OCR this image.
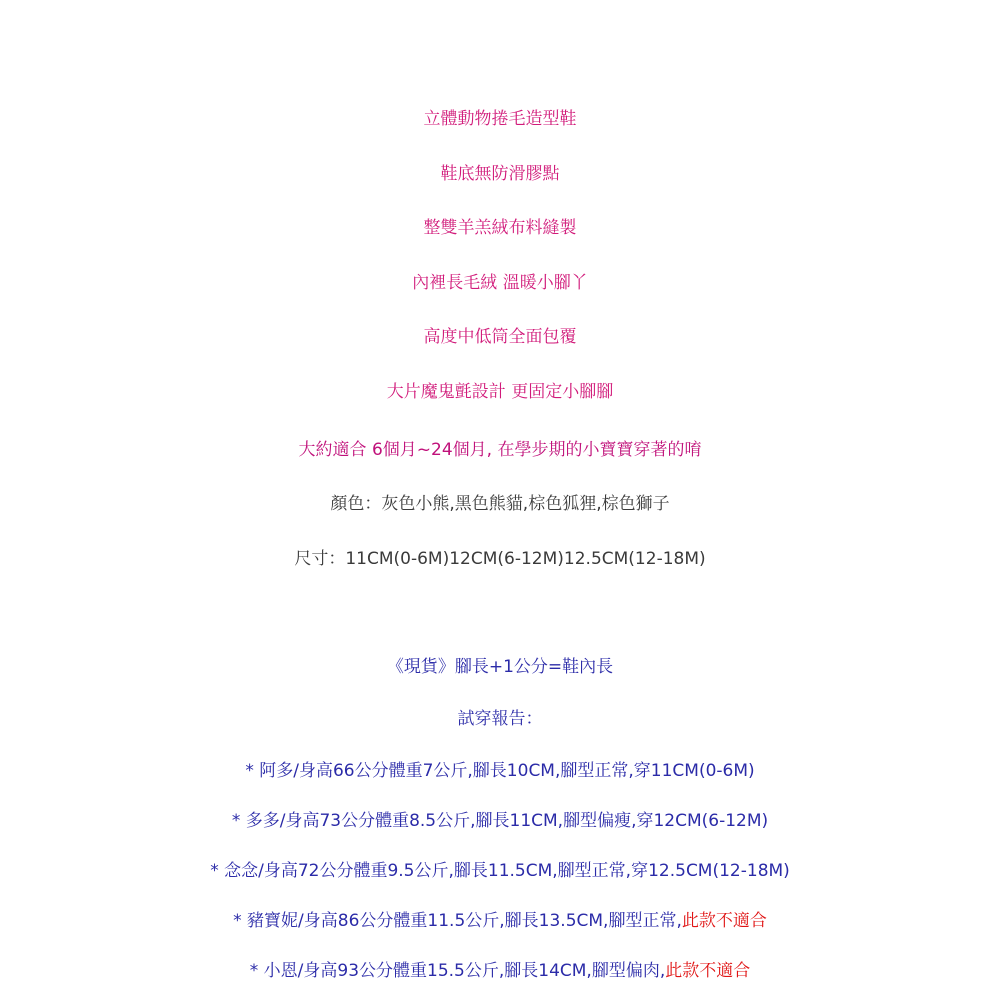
立體動物捲毛造型鞋
鞋底無防滑膠點
整雙羊羔絨布料縫製
內裡長毛絨 溫暖小腳丫
高度中低筒全面包覆
大片魔鬼氈設計 更固定小腳腳
大約適合 6個月~24個月, 在學步期的小寶寶穿著的唷
顏色：灰色小熊,黑色熊貓,棕色狐狸,棕色獅子
尺寸：11CM(0-6M)12CM(6-12M)12.5CM(12-18M)
《現貨》腳長+1公分=鞋內長
試穿報告：
* 阿多/身高66公分體重7公斤,腳長10CM,腳型正常,穿11CM(0-6M)
* 多多/身高73公分體重8.5公斤,腳長11CM,腳型偏瘦,穿12CM(6-12M)
* 念念/身高72公分體重9.5公斤,腳長11.5CM,腳型正常,穿12.5CM(12-18M)
* 豬寶妮/身高86公分體重11.5公斤,腳長13.5CM,腳型正常,此款不適合
* 小恩/身高93公分體重15.5公斤,腳長14CM,腳型偏肉,此款不適合
